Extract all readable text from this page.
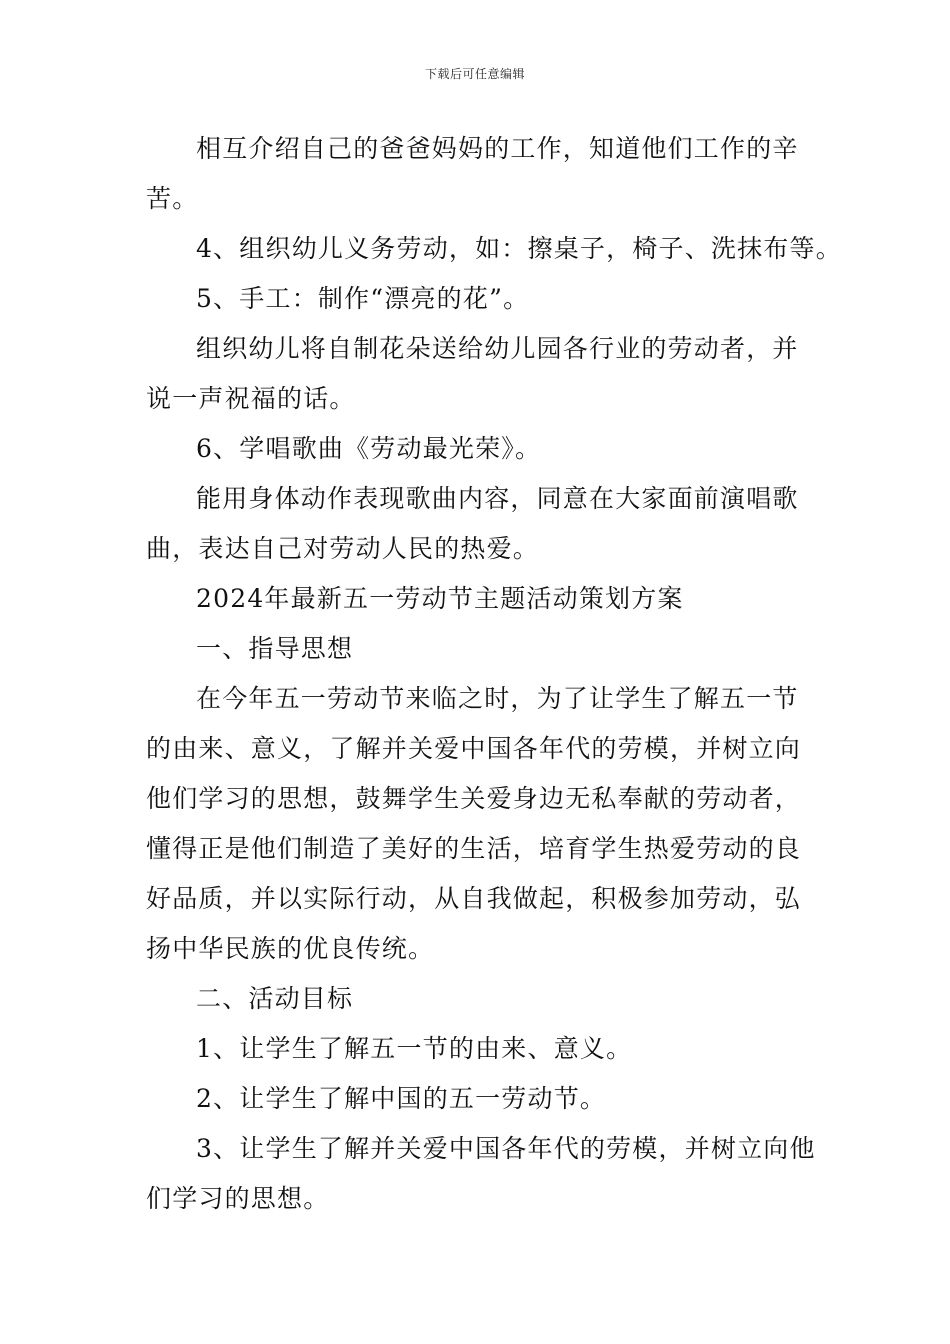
下载后可任意编辑

相互介绍自己的爸爸妈妈的工作，知道他们工作的辛

苦。

4、组织幼儿义务劳动，如：擦桌子，椅子、洗抹布等。

5、手工：制作“漂亮的花”。

组织幼儿将自制花朵送给幼儿园各行业的劳动者，并

说一声祝福的话。

6、学唱歌曲《劳动最光荣》。

能用身体动作表现歌曲内容，同意在大家面前演唱歌

曲，表达自己对劳动人民的热爱。

2024年最新五一劳动节主题活动策划方案

一、指导思想

在今年五一劳动节来临之时，为了让学生了解五一节

的由来、意义，了解并关爱中国各年代的劳模，并树立向

他们学习的思想，鼓舞学生关爱身边无私奉献的劳动者，

懂得正是他们制造了美好的生活，培育学生热爱劳动的良

好品质，并以实际行动，从自我做起，积极参加劳动，弘

扬中华民族的优良传统。

二、活动目标

1、让学生了解五一节的由来、意义。

2、让学生了解中国的五一劳动节。

3、让学生了解并关爱中国各年代的劳模，并树立向他

们学习的思想。
